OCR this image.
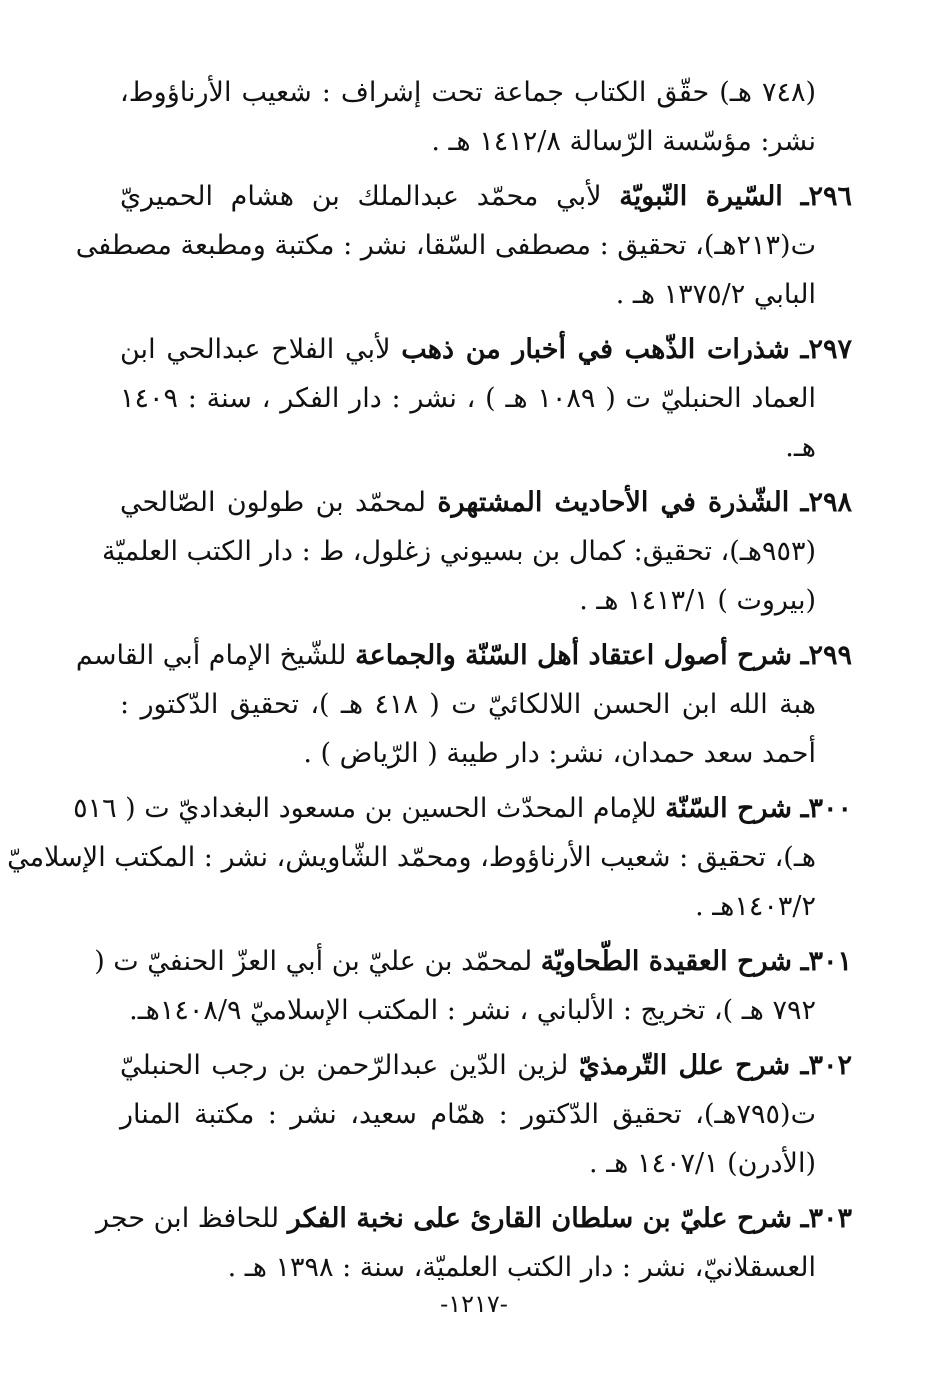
(٧٤٨ هـ) حقّق الكتاب جماعة تحت إشراف : شعيب الأرناؤوط،
نشر: مؤسّسة الرّسالة ١٤١٢/٨ هـ .
٢٩٦ـ السّيرة النّبويّة لأبي محمّد عبدالملك بن هشام الحميريّ
ت(٢١٣هـ)، تحقيق : مصطفى السّقا، نشر : مكتبة ومطبعة مصطفى
البابي ١٣٧٥/٢ هـ .
٢٩٧ـ شذرات الذّهب في أخبار من ذهب لأبي الفلاح عبدالحي ابن
العماد الحنبليّ ت ( ١٠٨٩ هـ ) ، نشر : دار الفكر ، سنة : ١٤٠٩
هـ.
٢٩٨ـ الشّذرة في الأحاديث المشتهرة لمحمّد بن طولون الصّالحي
(٩٥٣هـ)، تحقيق: كمال بن بسيوني زغلول، ط : دار الكتب العلميّة
(بيروت ) ١٤١٣/١ هـ .
٢٩٩ـ شرح أصول اعتقاد أهل السّنّة والجماعة للشّيخ الإمام أبي القاسم
هبة الله ابن الحسن اللالكائيّ ت ( ٤١٨ هـ )، تحقيق الدّكتور :
أحمد سعد حمدان، نشر: دار طيبة ( الرّياض ) .
٣٠٠ـ شرح السّنّة للإمام المحدّث الحسين بن مسعود البغداديّ ت ( ٥١٦
هـ)، تحقيق : شعيب الأرناؤوط، ومحمّد الشّاويش، نشر : المكتب الإسلاميّ
١٤٠٣/٢هـ .
٣٠١ـ شرح العقيدة الطّحاويّة لمحمّد بن عليّ بن أبي العزّ الحنفيّ ت (
٧٩٢ هـ )، تخريج : الألباني ، نشر : المكتب الإسلاميّ ١٤٠٨/٩هـ.
٣٠٢ـ شرح علل التّرمذيّ لزين الدّين عبدالرّحمن بن رجب الحنبليّ
ت(٧٩٥هـ)، تحقيق الدّكتور : همّام سعيد، نشر : مكتبة المنار
(الأدرن) ١٤٠٧/١ هـ .
٣٠٣ـ شرح عليّ بن سلطان القارئ على نخبة الفكر للحافظ ابن حجر
العسقلانيّ، نشر : دار الكتب العلميّة، سنة : ١٣٩٨ هـ .
-١٢١٧-
